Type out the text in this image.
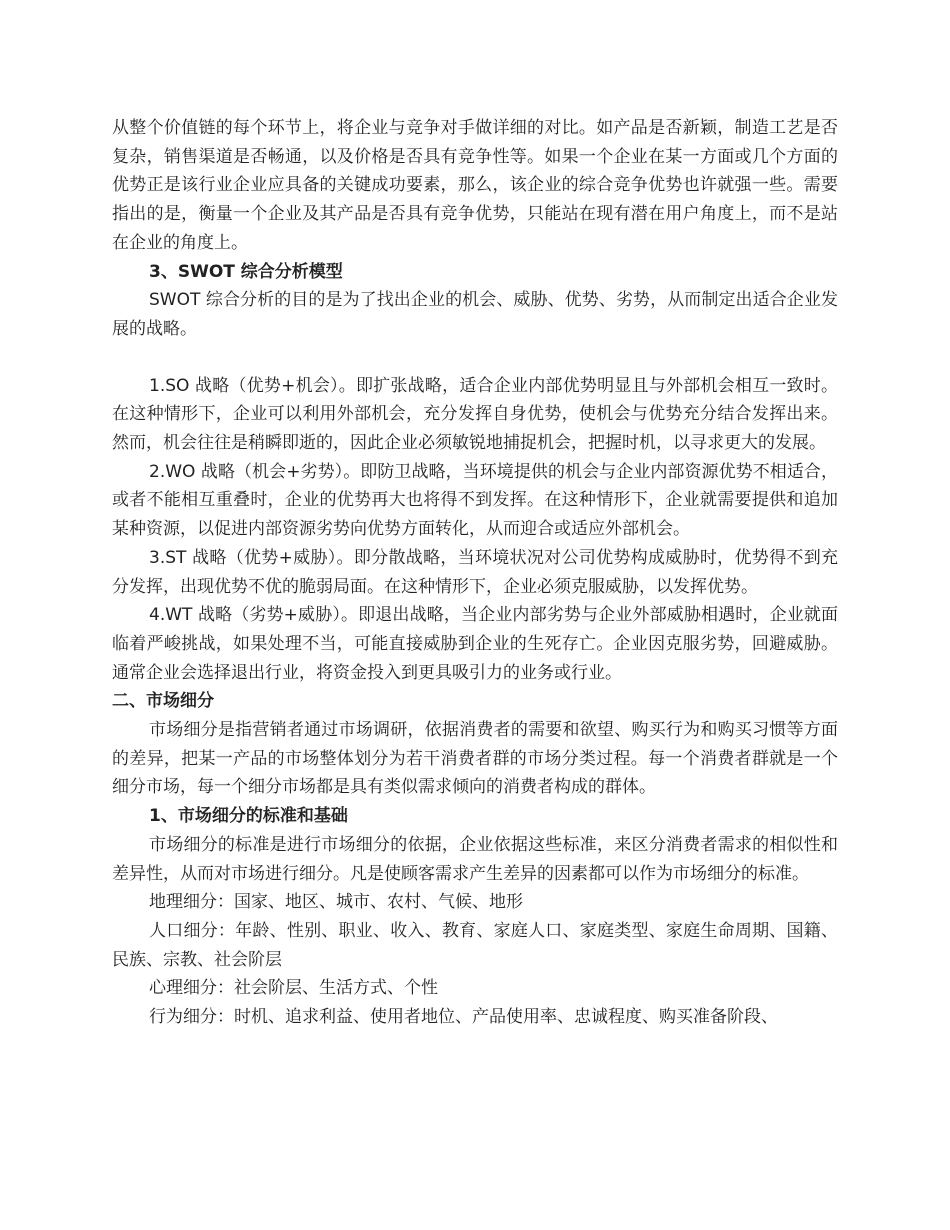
从整个价值链的每个环节上，将企业与竞争对手做详细的对比。如产品是否新颖，制造工艺是否复杂，销售渠道是否畅通，以及价格是否具有竞争性等。如果一个企业在某一方面或几个方面的优势正是该行业企业应具备的关键成功要素，那么，该企业的综合竞争优势也许就强一些。需要指出的是，衡量一个企业及其产品是否具有竞争优势，只能站在现有潜在用户角度上，而不是站在企业的角度上。
3、SWOT 综合分析模型
SWOT 综合分析的目的是为了找出企业的机会、威胁、优势、劣势，从而制定出适合企业发展的战略。
1.SO 战略（优势+机会）。即扩张战略，适合企业内部优势明显且与外部机会相互一致时。在这种情形下，企业可以利用外部机会，充分发挥自身优势，使机会与优势充分结合发挥出来。然而，机会往往是稍瞬即逝的，因此企业必须敏锐地捕捉机会，把握时机，以寻求更大的发展。
2.WO 战略（机会+劣势）。即防卫战略，当环境提供的机会与企业内部资源优势不相适合，或者不能相互重叠时，企业的优势再大也将得不到发挥。在这种情形下，企业就需要提供和追加某种资源，以促进内部资源劣势向优势方面转化，从而迎合或适应外部机会。
3.ST 战略（优势+威胁）。即分散战略，当环境状况对公司优势构成威胁时，优势得不到充分发挥，出现优势不优的脆弱局面。在这种情形下，企业必须克服威胁，以发挥优势。
4.WT 战略（劣势+威胁）。即退出战略，当企业内部劣势与企业外部威胁相遇时，企业就面临着严峻挑战，如果处理不当，可能直接威胁到企业的生死存亡。企业因克服劣势，回避威胁。通常企业会选择退出行业，将资金投入到更具吸引力的业务或行业。
二、市场细分
市场细分是指营销者通过市场调研，依据消费者的需要和欲望、购买行为和购买习惯等方面的差异，把某一产品的市场整体划分为若干消费者群的市场分类过程。每一个消费者群就是一个细分市场，每一个细分市场都是具有类似需求倾向的消费者构成的群体。
1、市场细分的标准和基础
市场细分的标准是进行市场细分的依据，企业依据这些标准，来区分消费者需求的相似性和差异性，从而对市场进行细分。凡是使顾客需求产生差异的因素都可以作为市场细分的标准。
地理细分：国家、地区、城市、农村、气候、地形
人口细分：年龄、性别、职业、收入、教育、家庭人口、家庭类型、家庭生命周期、国籍、民族、宗教、社会阶层
心理细分：社会阶层、生活方式、个性
行为细分：时机、追求利益、使用者地位、产品使用率、忠诚程度、购买准备阶段、
